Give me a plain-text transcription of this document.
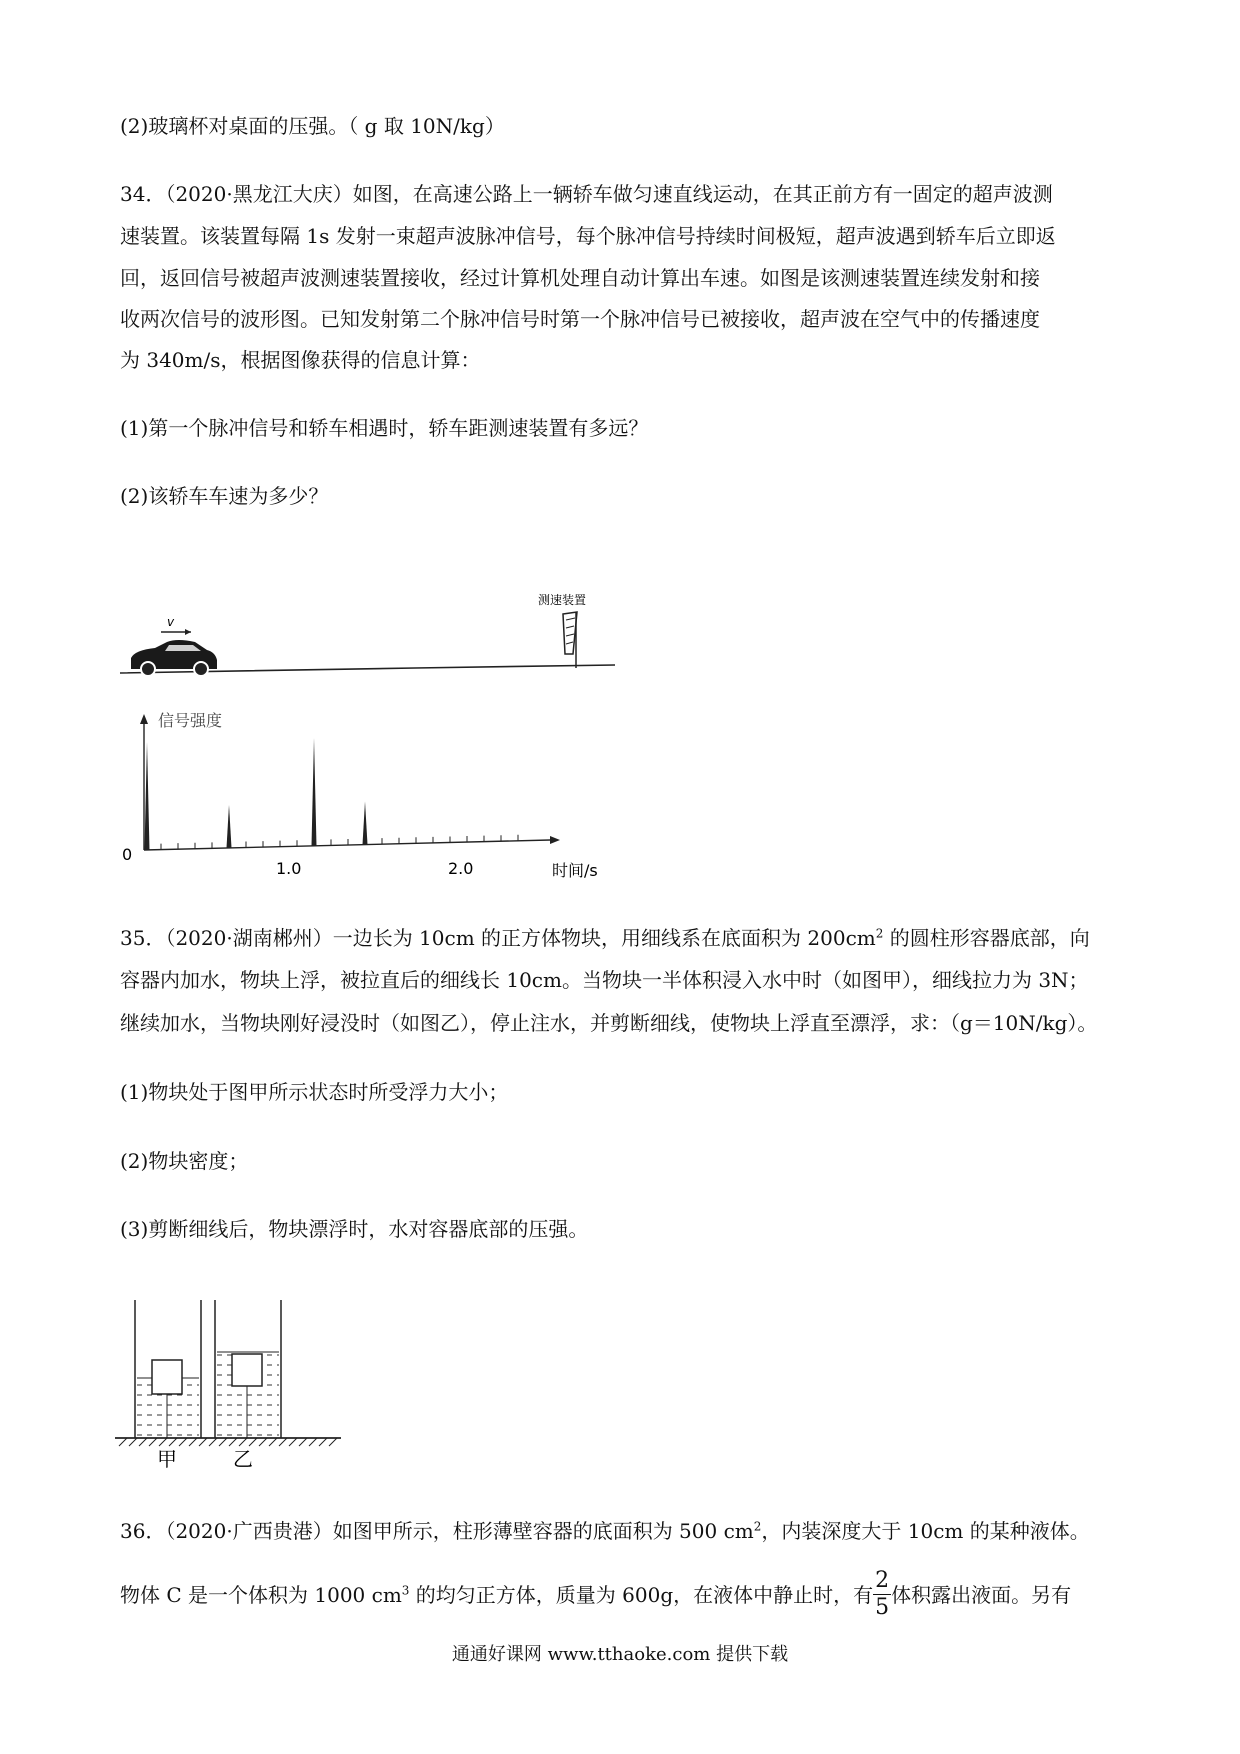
(2)玻璃杯对桌面的压强。（ g 取 10N/kg）

34．（2020·黑龙江大庆）如图，在高速公路上一辆轿车做匀速直线运动，在其正前方有一固定的超声波测

速装置。该装置每隔 1s 发射一束超声波脉冲信号，每个脉冲信号持续时间极短，超声波遇到轿车后立即返

回，返回信号被超声波测速装置接收，经过计算机处理自动计算出车速。如图是该测速装置连续发射和接

收两次信号的波形图。已知发射第二个脉冲信号时第一个脉冲信号已被接收，超声波在空气中的传播速度

为 340m/s，根据图像获得的信息计算：

(1)第一个脉冲信号和轿车相遇时，轿车距测速装置有多远？

(2)该轿车车速为多少？

v
测速装置
信号强度
0
1.0	2.0	时间/s

35．（2020·湖南郴州）一边长为 10cm 的正方体物块，用细线系在底面积为 $200cm^2$ 的圆柱形容器底部，向

容器内加水，物块上浮，被拉直后的细线长 10cm。当物块一半体积浸入水中时（如图甲），细线拉力为 3N；

继续加水，当物块刚好浸没时（如图乙），停止注水，并剪断细线，使物块上浮直至漂浮，求：（g＝10N/kg）。

(1)物块处于图甲所示状态时所受浮力大小；

(2)物块密度；

(3)剪断细线后，物块漂浮时，水对容器底部的压强。

甲	乙

36．（2020·广西贵港）如图甲所示，柱形薄壁容器的底面积为 500 $cm^2$，内装深度大于 10cm 的某种液体。

物体 C 是一个体积为 1000 $cm^3$ 的均匀正方体，质量为 600g，在液体中静止时，有 $\frac{2}{5}$ 体积露出液面。另有

通通好课网 www.tthaoke.com 提供下载
